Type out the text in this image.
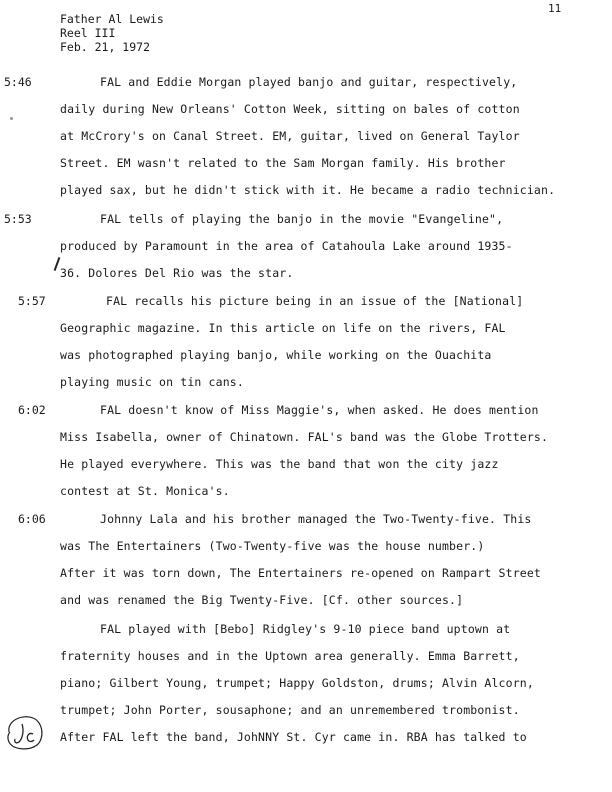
11
Father Al Lewis
Reel III
Feb. 21, 1972
5:46
5:53
5:57
6:02
6:06
FAL and Eddie Morgan played banjo and guitar, respectively,
daily during New Orleans' Cotton Week, sitting on bales of cotton
at McCrory's on Canal Street. EM, guitar, lived on General Taylor
Street. EM wasn't related to the Sam Morgan family. His brother
played sax, but he didn't stick with it. He became a radio technician.
FAL tells of playing the banjo in the movie "Evangeline",
produced by Paramount in the area of Catahoula Lake around 1935-
36. Dolores Del Rio was the star.
FAL recalls his picture being in an issue of the [National]
Geographic magazine. In this article on life on the rivers, FAL
was photographed playing banjo, while working on the Ouachita
playing music on tin cans.
FAL doesn't know of Miss Maggie's, when asked. He does mention
Miss Isabella, owner of Chinatown. FAL's band was the Globe Trotters.
He played everywhere. This was the band that won the city jazz
contest at St. Monica's.
Johnny Lala and his brother managed the Two-Twenty-five. This
was The Entertainers (Two-Twenty-five was the house number.)
After it was torn down, The Entertainers re-opened on Rampart Street
and was renamed the Big Twenty-Five. [Cf. other sources.]
FAL played with [Bebo] Ridgley's 9-10 piece band uptown at
fraternity houses and in the Uptown area generally. Emma Barrett,
piano; Gilbert Young, trumpet; Happy Goldston, drums; Alvin Alcorn,
trumpet; John Porter, sousaphone; and an unremembered trombonist.
After FAL left the band, JohNNY St. Cyr came in. RBA has talked to
